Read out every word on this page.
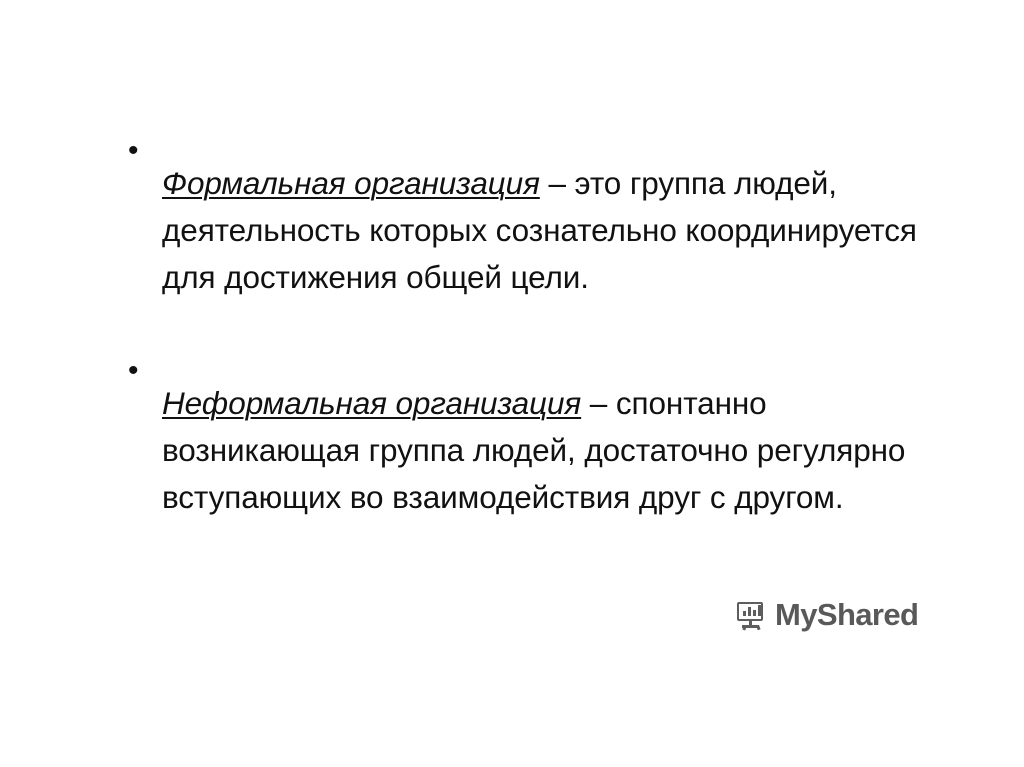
•

Формальная организация – это группа людей, деятельность которых сознательно координируется для достижения общей цели.

•

Неформальная организация – спонтанно возникающая группа людей, достаточно регулярно вступающих во взаимодействия друг с другом.

MyShared
